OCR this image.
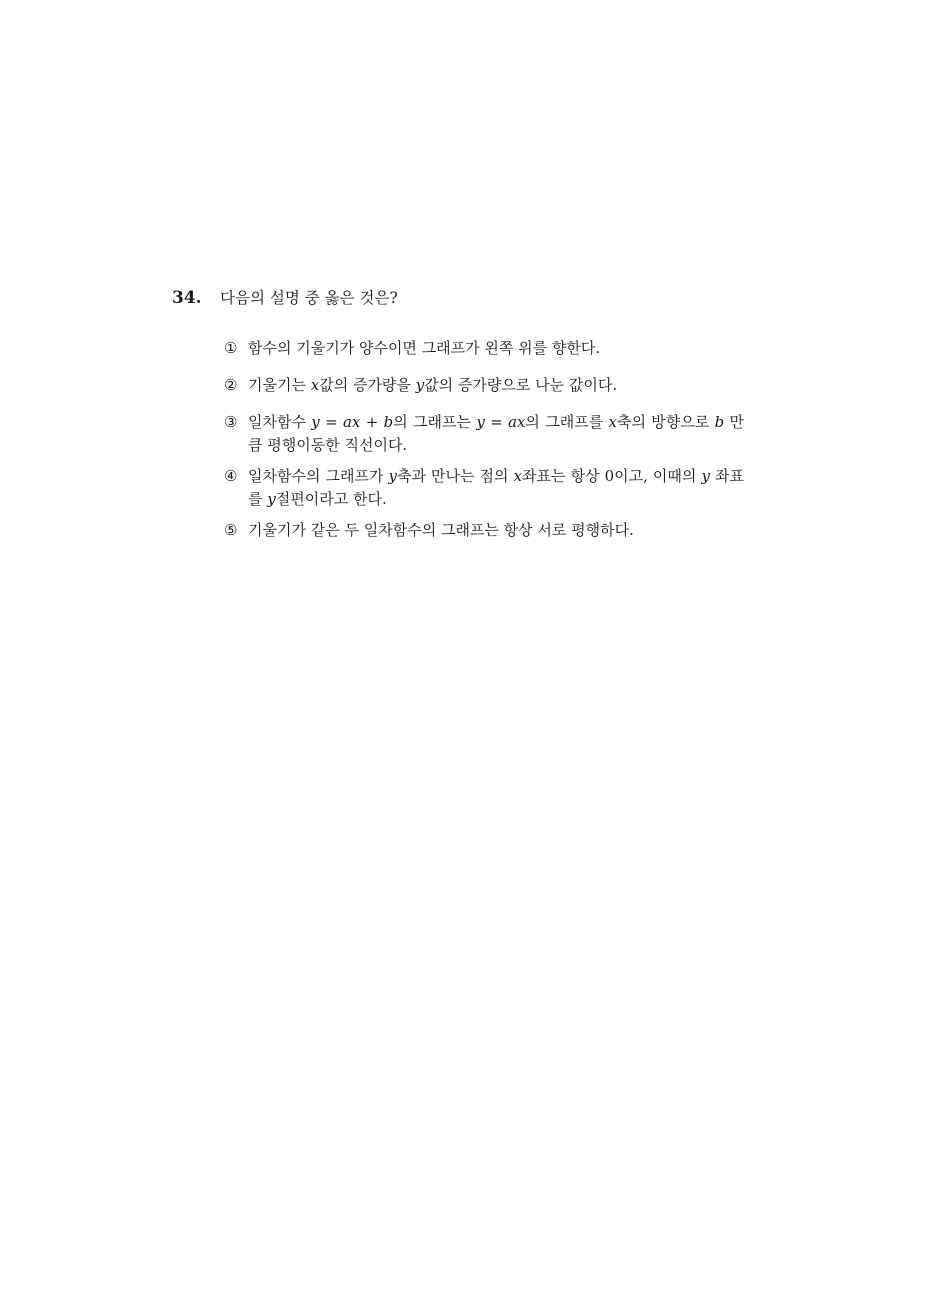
34.	다음의 설명 중 옳은 것은?
① 함수의 기울기가 양수이면 그래프가 왼쪽 위를 향한다.
② 기울기는 x값의 증가량을 y값의 증가량으로 나눈 값이다.
③ 일차함수 y = ax + b의 그래프는 y = ax의 그래프를 x축의 방향으로 b 만큼 평행이동한 직선이다.
④ 일차함수의 그래프가 y축과 만나는 점의 x좌표는 항상 0이고, 이때의 y 좌표를 y절편이라고 한다.
⑤ 기울기가 같은 두 일차함수의 그래프는 항상 서로 평행하다.
